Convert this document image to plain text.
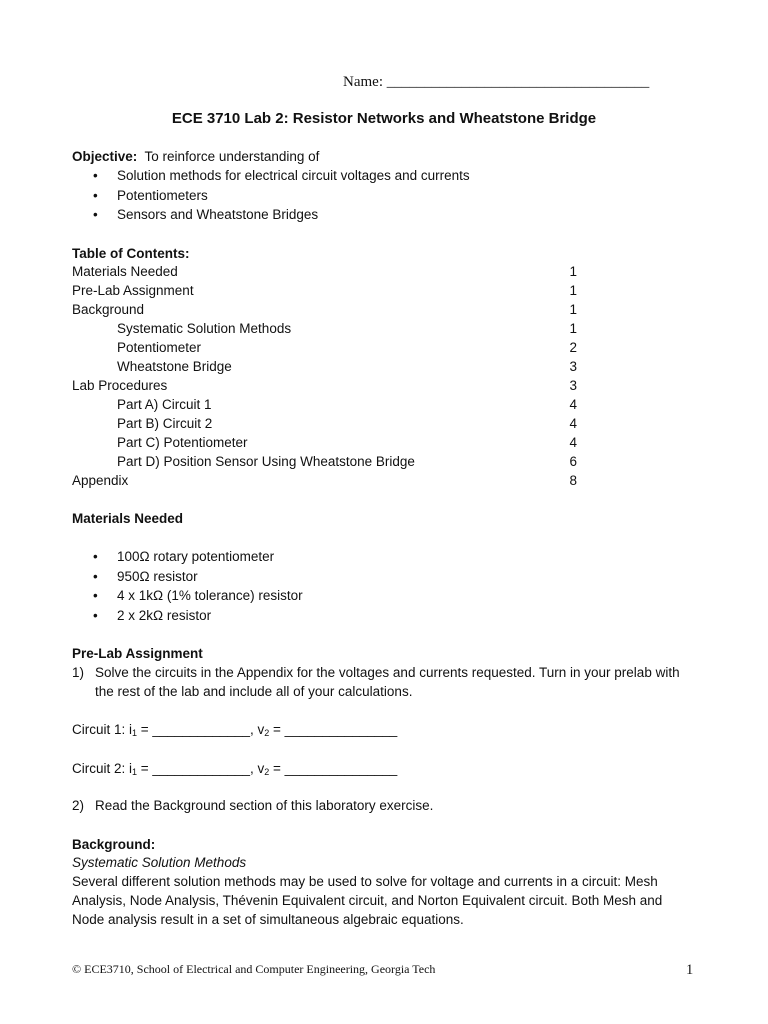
Name: ___________________________________
ECE 3710 Lab 2: Resistor Networks and Wheatstone Bridge
Objective: To reinforce understanding of
• Solution methods for electrical circuit voltages and currents
• Potentiometers
• Sensors and Wheatstone Bridges
Table of Contents:
Materials Needed	1
Pre-Lab Assignment	1
Background	1
Systematic Solution Methods	1
Potentiometer	2
Wheatstone Bridge	3
Lab Procedures	3
Part A) Circuit 1	4
Part B) Circuit 2	4
Part C) Potentiometer	4
Part D) Position Sensor Using Wheatstone Bridge	6
Appendix	8
Materials Needed
• 100Ω rotary potentiometer
• 950Ω resistor
• 4 x 1kΩ (1% tolerance) resistor
• 2 x 2kΩ resistor
Pre-Lab Assignment
1) Solve the circuits in the Appendix for the voltages and currents requested. Turn in your prelab with the rest of the lab and include all of your calculations.
Circuit 1: $i_1$ = _____________, $v_2$ = _______________
Circuit 2: $i_1$ = _____________, $v_2$ = _______________
2) Read the Background section of this laboratory exercise.
Background:
Systematic Solution Methods
Several different solution methods may be used to solve for voltage and currents in a circuit: Mesh Analysis, Node Analysis, Thévenin Equivalent circuit, and Norton Equivalent circuit. Both Mesh and Node analysis result in a set of simultaneous algebraic equations.
© ECE3710, School of Electrical and Computer Engineering, Georgia Tech	1
